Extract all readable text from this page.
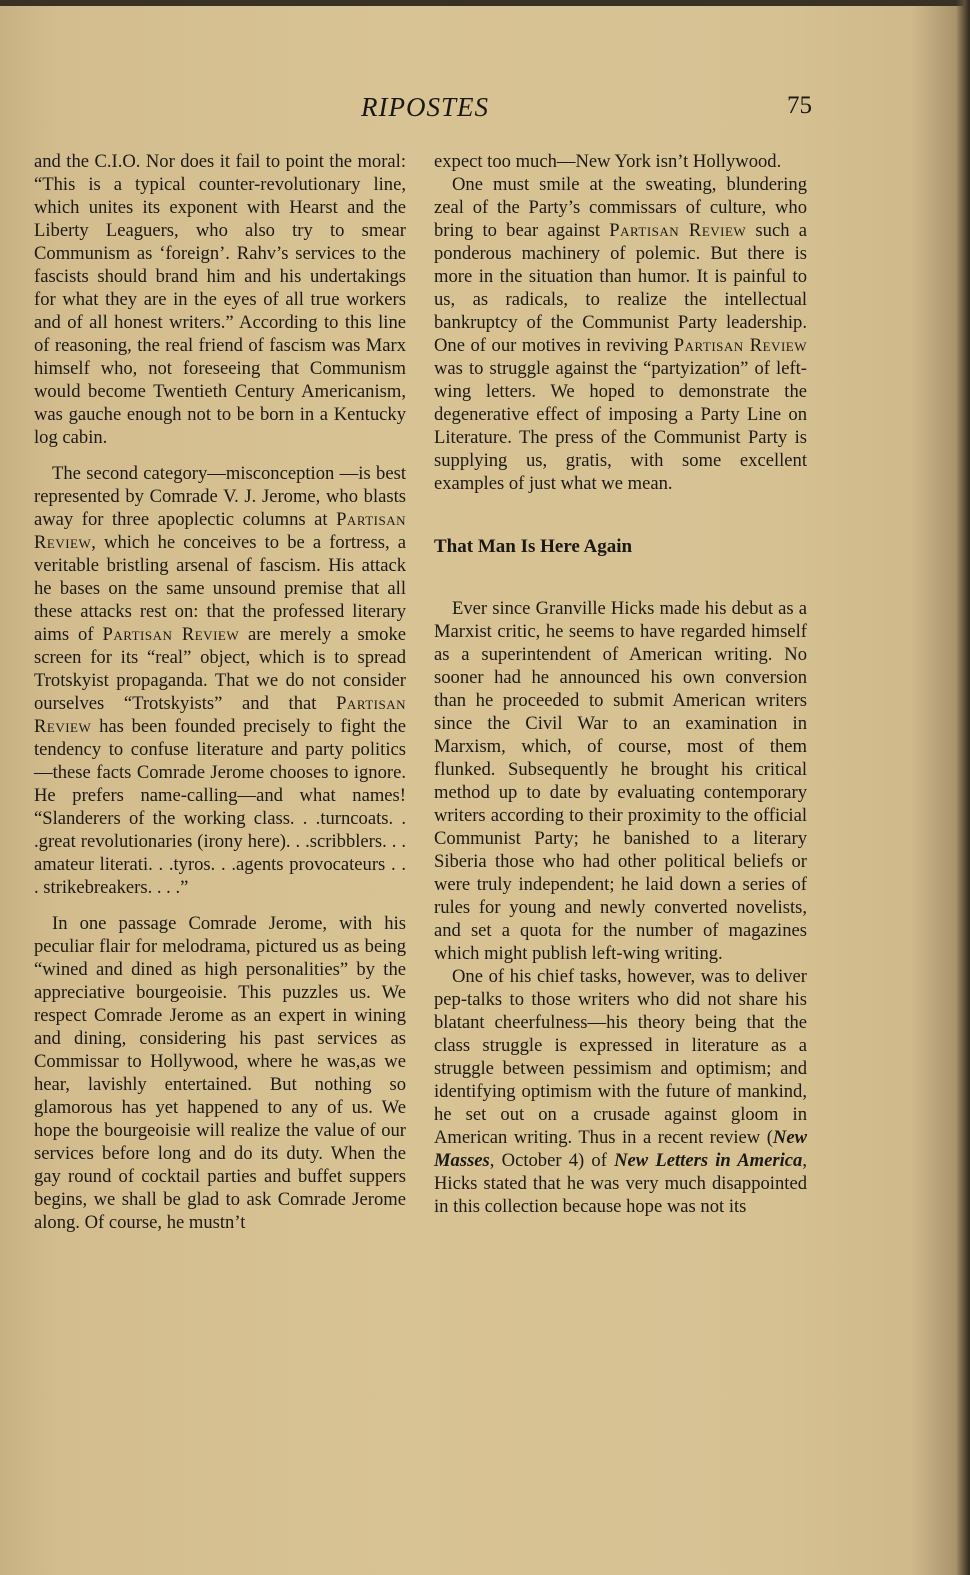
RIPOSTES	75

and the C.I.O. Nor does it fail to point the moral: “This is a typical counter-revolutionary line, which unites its exponent with Hearst and the Liberty Leaguers, who also try to smear Communism as ‘foreign’. Rahv’s services to the fascists should brand him and his undertakings for what they are in the eyes of all true workers and of all honest writers.” According to this line of reasoning, the real friend of fascism was Marx himself who, not foreseeing that Communism would become Twentieth Century Americanism, was gauche enough not to be born in a Kentucky log cabin.

The second category—misconception —is best represented by Comrade V. J. Jerome, who blasts away for three apoplectic columns at Partisan Review, which he conceives to be a fortress, a veritable bristling arsenal of fascism. His attack he bases on the same unsound premise that all these attacks rest on: that the professed literary aims of Partisan Review are merely a smoke screen for its “real” object, which is to spread Trotskyist propaganda. That we do not consider ourselves “Trotskyists” and that Partisan Review has been founded precisely to fight the tendency to confuse literature and party politics—these facts Comrade Jerome chooses to ignore. He prefers name-calling—and what names! “Slanderers of the working class. . .turncoats. . .great revolutionaries (irony here). . .scribblers. . . amateur literati. . .tyros. . .agents provocateurs . . . strikebreakers. . . .”

In one passage Comrade Jerome, with his peculiar flair for melodrama, pictured us as being “wined and dined as high personalities” by the appreciative bourgeoisie. This puzzles us. We respect Comrade Jerome as an expert in wining and dining, considering his past services as Commissar to Hollywood, where he was,as we hear, lavishly entertained. But nothing so glamorous has yet happened to any of us. We hope the bourgeoisie will realize the value of our services before long and do its duty. When the gay round of cocktail parties and buffet suppers begins, we shall be glad to ask Comrade Jerome along. Of course, he mustn’t

expect too much—New York isn’t Hollywood.

One must smile at the sweating, blundering zeal of the Party’s commissars of culture, who bring to bear against Partisan Review such a ponderous machinery of polemic. But there is more in the situation than humor. It is painful to us, as radicals, to realize the intellectual bankruptcy of the Communist Party leadership. One of our motives in reviving Partisan Review was to struggle against the “partyization” of left-wing letters. We hoped to demonstrate the degenerative effect of imposing a Party Line on Literature. The press of the Communist Party is supplying us, gratis, with some excellent examples of just what we mean.

That Man Is Here Again

Ever since Granville Hicks made his debut as a Marxist critic, he seems to have regarded himself as a superintendent of American writing. No sooner had he announced his own conversion than he proceeded to submit American writers since the Civil War to an examination in Marxism, which, of course, most of them flunked. Subsequently he brought his critical method up to date by evaluating contemporary writers according to their proximity to the official Communist Party; he banished to a literary Siberia those who had other political beliefs or were truly independent; he laid down a series of rules for young and newly converted novelists, and set a quota for the number of magazines which might publish left-wing writing.

One of his chief tasks, however, was to deliver pep-talks to those writers who did not share his blatant cheerfulness—his theory being that the class struggle is expressed in literature as a struggle between pessimism and optimism; and identifying optimism with the future of mankind, he set out on a crusade against gloom in American writing. Thus in a recent review (New Masses, October 4) of New Letters in America, Hicks stated that he was very much disappointed in this collection because hope was not its
